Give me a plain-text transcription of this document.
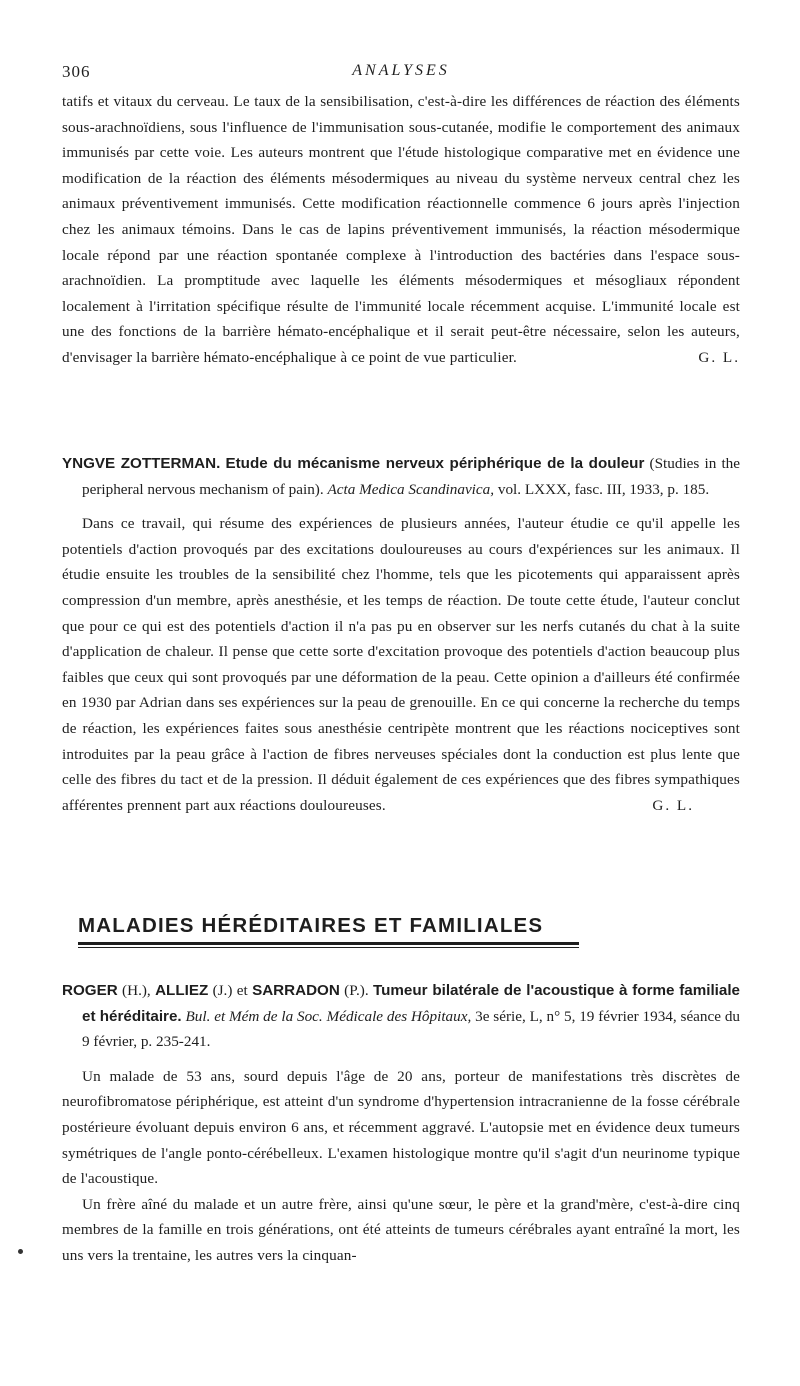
306	ANALYSES

tatifs et vitaux du cerveau. Le taux de la sensibilisation, c'est-à-dire les différences de réaction des éléments sous-arachnoïdiens, sous l'influence de l'immunisation sous-cutanée, modifie le comportement des animaux immunisés par cette voie. Les auteurs montrent que l'étude histologique comparative met en évidence une modification de la réaction des éléments mésodermiques au niveau du système nerveux central chez les animaux préventivement immunisés. Cette modification réactionnelle commence 6 jours après l'injection chez les animaux témoins. Dans le cas de lapins préventivement immunisés, la réaction mésodermique locale répond par une réaction spontanée complexe à l'introduction des bactéries dans l'espace sous-arachnoïdien. La promptitude avec laquelle les éléments mésodermiques et mésogliaux répondent localement à l'irritation spécifique résulte de l'immunité locale récemment acquise. L'immunité locale est une des fonctions de la barrière hémato-encéphalique et il serait peut-être nécessaire, selon les auteurs, d'envisager la barrière hémato-encéphalique à ce point de vue particulier.	G. L.

YNGVE ZOTTERMAN. Etude du mécanisme nerveux périphérique de la douleur (Studies in the peripheral nervous mechanism of pain). Acta Medica Scandinavica, vol. LXXX, fasc. III, 1933, p. 185.

Dans ce travail, qui résume des expériences de plusieurs années, l'auteur étudie ce qu'il appelle les potentiels d'action provoqués par des excitations douloureuses au cours d'expériences sur les animaux. Il étudie ensuite les troubles de la sensibilité chez l'homme, tels que les picotements qui apparaissent après compression d'un membre, après anesthésie, et les temps de réaction. De toute cette étude, l'auteur conclut que pour ce qui est des potentiels d'action il n'a pas pu en observer sur les nerfs cutanés du chat à la suite d'application de chaleur. Il pense que cette sorte d'excitation provoque des potentiels d'action beaucoup plus faibles que ceux qui sont provoqués par une déformation de la peau. Cette opinion a d'ailleurs été confirmée en 1930 par Adrian dans ses expériences sur la peau de grenouille. En ce qui concerne la recherche du temps de réaction, les expériences faites sous anesthésie centripète montrent que les réactions nociceptives sont introduites par la peau grâce à l'action de fibres nerveuses spéciales dont la conduction est plus lente que celle des fibres du tact et de la pression. Il déduit également de ces expériences que des fibres sympathiques afférentes prennent part aux réactions douloureuses.	G. L.

MALADIES HÉRÉDITAIRES ET FAMILIALES

ROGER (H.), ALLIEZ (J.) et SARRADON (P.). Tumeur bilatérale de l'acoustique à forme familiale et héréditaire. Bul. et Mém de la Soc. Médicale des Hôpitaux, 3e série, L, n° 5, 19 février 1934, séance du 9 février, p. 235-241.

Un malade de 53 ans, sourd depuis l'âge de 20 ans, porteur de manifestations très discrètes de neurofibromatose périphérique, est atteint d'un syndrome d'hypertension intracranienne de la fosse cérébrale postérieure évoluant depuis environ 6 ans, et récemment aggravé. L'autopsie met en évidence deux tumeurs symétriques de l'angle ponto-cérébelleux. L'examen histologique montre qu'il s'agit d'un neurinome typique de l'acoustique.

Un frère aîné du malade et un autre frère, ainsi qu'une sœur, le père et la grand'mère, c'est-à-dire cinq membres de la famille en trois générations, ont été atteints de tumeurs cérébrales ayant entraîné la mort, les uns vers la trentaine, les autres vers la cinquan-
